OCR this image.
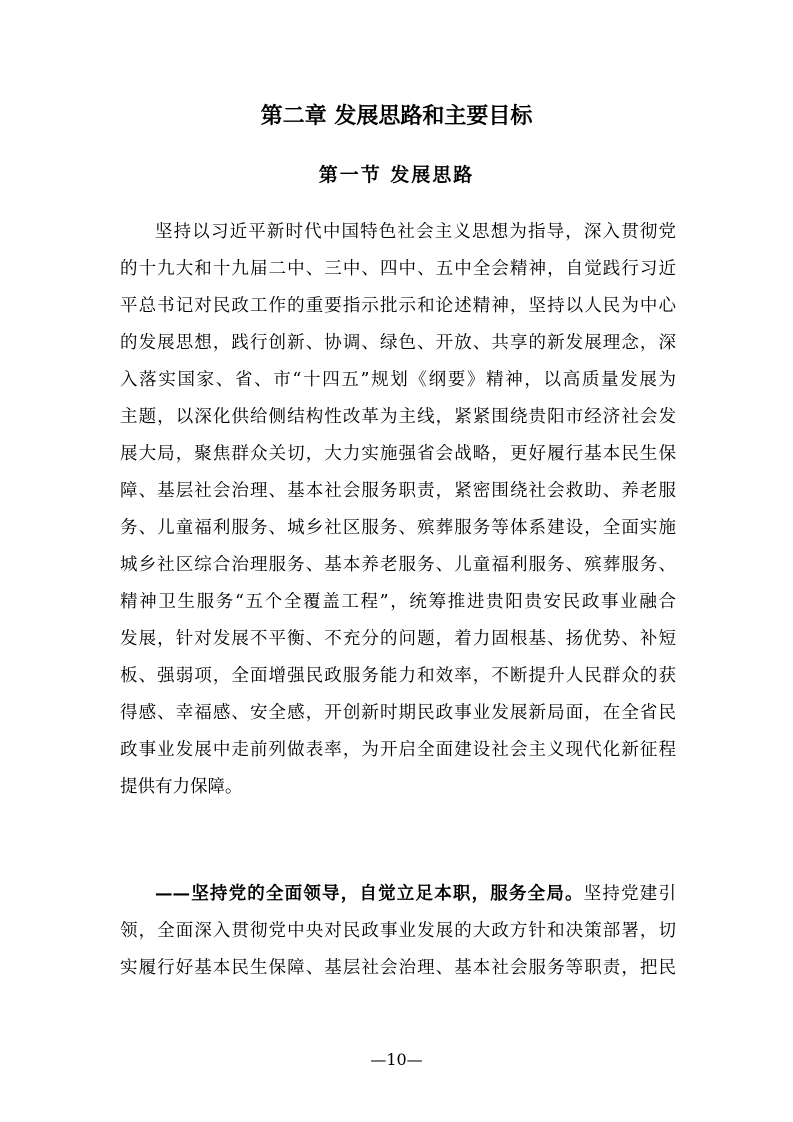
第二章 发展思路和主要目标
第一节 发展思路
坚持以习近平新时代中国特色社会主义思想为指导，深入贯彻党
的十九大和十九届二中、三中、四中、五中全会精神，自觉践行习近
平总书记对民政工作的重要指示批示和论述精神，坚持以人民为中心
的发展思想，践行创新、协调、绿色、开放、共享的新发展理念，深
入落实国家、省、市“十四五”规划《纲要》精神，以高质量发展为
主题，以深化供给侧结构性改革为主线，紧紧围绕贵阳市经济社会发
展大局，聚焦群众关切，大力实施强省会战略，更好履行基本民生保
障、基层社会治理、基本社会服务职责，紧密围绕社会救助、养老服
务、儿童福利服务、城乡社区服务、殡葬服务等体系建设，全面实施
城乡社区综合治理服务、基本养老服务、儿童福利服务、殡葬服务、
精神卫生服务“五个全覆盖工程”，统筹推进贵阳贵安民政事业融合
发展，针对发展不平衡、不充分的问题，着力固根基、扬优势、补短
板、强弱项，全面增强民政服务能力和效率，不断提升人民群众的获
得感、幸福感、安全感，开创新时期民政事业发展新局面，在全省民
政事业发展中走前列做表率，为开启全面建设社会主义现代化新征程
提供有力保障。
——坚持党的全面领导，自觉立足本职，服务全局。坚持党建引
领，全面深入贯彻党中央对民政事业发展的大政方针和决策部署，切
实履行好基本民生保障、基层社会治理、基本社会服务等职责，把民
—10—
